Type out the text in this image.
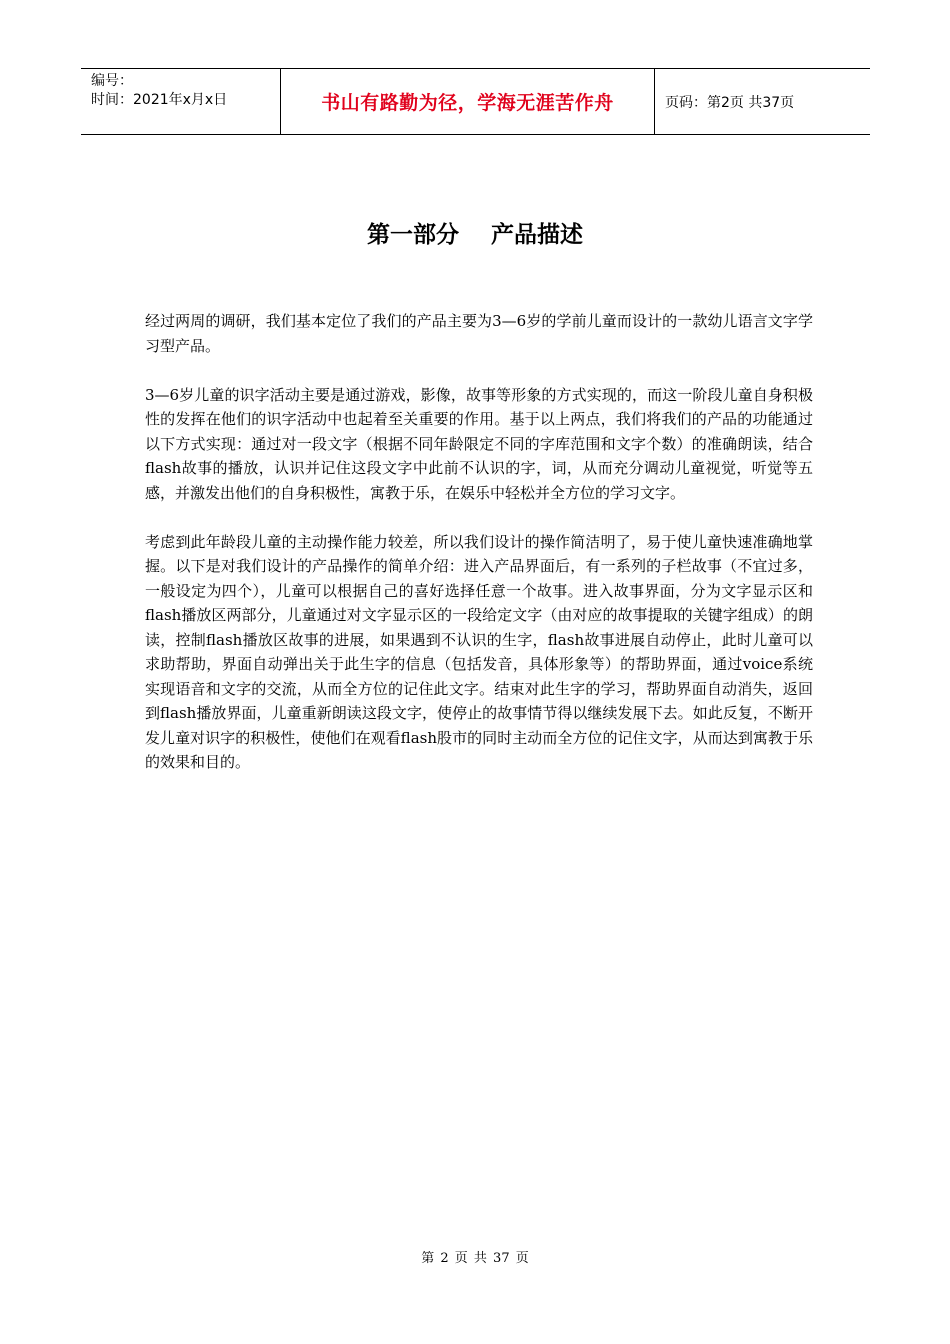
编号：
时间：2021年x月x日	书山有路勤为径，学海无涯苦作舟	页码：第2页 共37页
第一部分    产品描述

经过两周的调研，我们基本定位了我们的产品主要为3—6岁的学前儿童而设计的一款幼儿语言文字学习型产品。

3—6岁儿童的识字活动主要是通过游戏，影像，故事等形象的方式实现的，而这一阶段儿童自身积极性的发挥在他们的识字活动中也起着至关重要的作用。基于以上两点，我们将我们的产品的功能通过以下方式实现：通过对一段文字（根据不同年龄限定不同的字库范围和文字个数）的准确朗读，结合flash故事的播放，认识并记住这段文字中此前不认识的字，词，从而充分调动儿童视觉，听觉等五感，并激发出他们的自身积极性，寓教于乐，在娱乐中轻松并全方位的学习文字。

考虑到此年龄段儿童的主动操作能力较差，所以我们设计的操作简洁明了，易于使儿童快速准确地掌握。以下是对我们设计的产品操作的简单介绍：进入产品界面后，有一系列的子栏故事（不宜过多，一般设定为四个），儿童可以根据自己的喜好选择任意一个故事。进入故事界面，分为文字显示区和flash播放区两部分，儿童通过对文字显示区的一段给定文字（由对应的故事提取的关键字组成）的朗读，控制flash播放区故事的进展，如果遇到不认识的生字，flash故事进展自动停止，此时儿童可以求助帮助，界面自动弹出关于此生字的信息（包括发音，具体形象等）的帮助界面，通过voice系统实现语音和文字的交流，从而全方位的记住此文字。结束对此生字的学习，帮助界面自动消失，返回到flash播放界面，儿童重新朗读这段文字，使停止的故事情节得以继续发展下去。如此反复，不断开发儿童对识字的积极性，使他们在观看flash股市的同时主动而全方位的记住文字，从而达到寓教于乐的效果和目的。

第 2 页 共 37 页
